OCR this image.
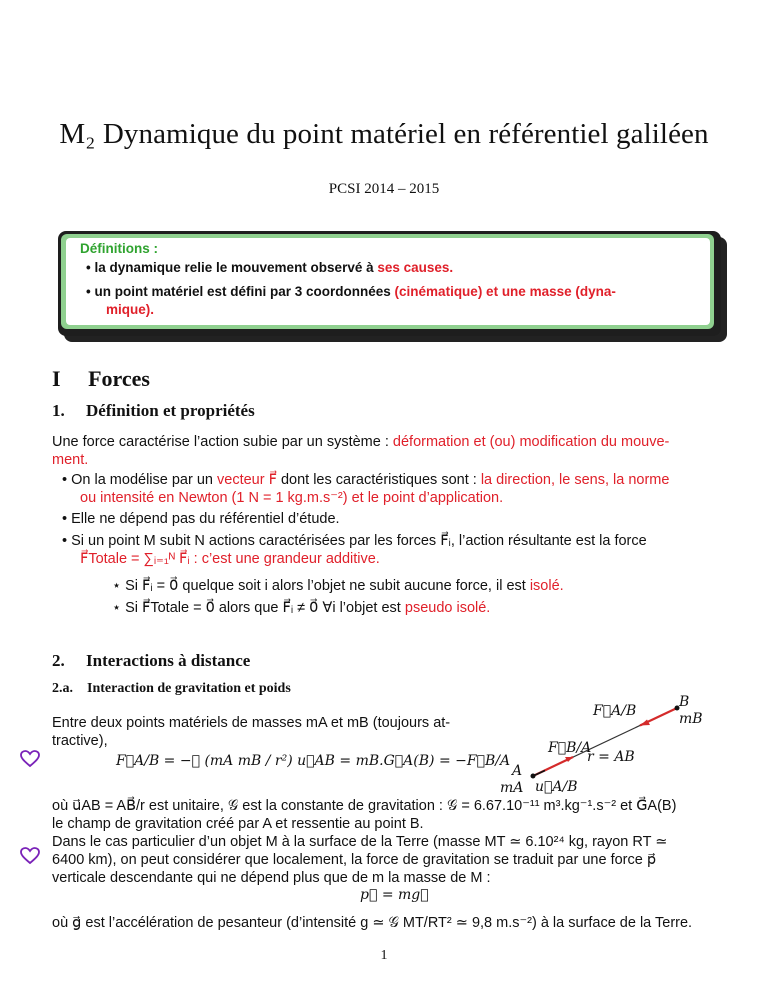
M₂ Dynamique du point matériel en référentiel galiléen
PCSI 2014 – 2015
Définitions :
• la dynamique relie le mouvement observé à ses causes.
• un point matériel est défini par 3 coordonnées (cinématique) et une masse (dyna-
mique).
I Forces
1. Définition et propriétés
Une force caractérise l’action subie par un système : déformation et (ou) modification du mouve-
ment.
• On la modélise par un vecteur F⃗ dont les caractéristiques sont : la direction, le sens, la norme
ou intensité en Newton (1 N = 1 kg.m.s⁻²) et le point d’application.
• Elle ne dépend pas du référentiel d’étude.
• Si un point M subit N actions caractérisées par les forces F⃗ᵢ, l’action résultante est la force
F⃗Totale = ∑ᵢ₌₁ᴺ F⃗ᵢ : c’est une grandeur additive.
⋆ Si F⃗ᵢ = 0⃗ quelque soit i alors l’objet ne subit aucune force, il est isolé.
⋆ Si F⃗Totale = 0⃗ alors que F⃗ᵢ ≠ 0⃗ ∀i l’objet est pseudo isolé.
2. Interactions à distance
2.a. Interaction de gravitation et poids
Entre deux points matériels de masses mA et mB (toujours at-
tractive),
F⃗A/B = −𝒢 (mA mB / r²) u⃗AB = mB.G⃗A(B) = −F⃗B/A
F⃗A/B
B
mB
F⃗B/A
r = AB
A
mA u⃗A/B
où u⃗AB = AB⃗/r est unitaire, 𝒢 est la constante de gravitation : 𝒢 = 6.67.10⁻¹¹ m³.kg⁻¹.s⁻² et G⃗A(B)
le champ de gravitation créé par A et ressentie au point B.
Dans le cas particulier d’un objet M à la surface de la Terre (masse MT ≃ 6.10²⁴ kg, rayon RT ≃
6400 km), on peut considérer que localement, la force de gravitation se traduit par une force p⃗
verticale descendante qui ne dépend plus que de m la masse de M :
p⃗ = mg⃗
où g⃗ est l’accélération de pesanteur (d’intensité g ≃ 𝒢 MT/RT² ≃ 9,8 m.s⁻²) à la surface de la Terre.
1
